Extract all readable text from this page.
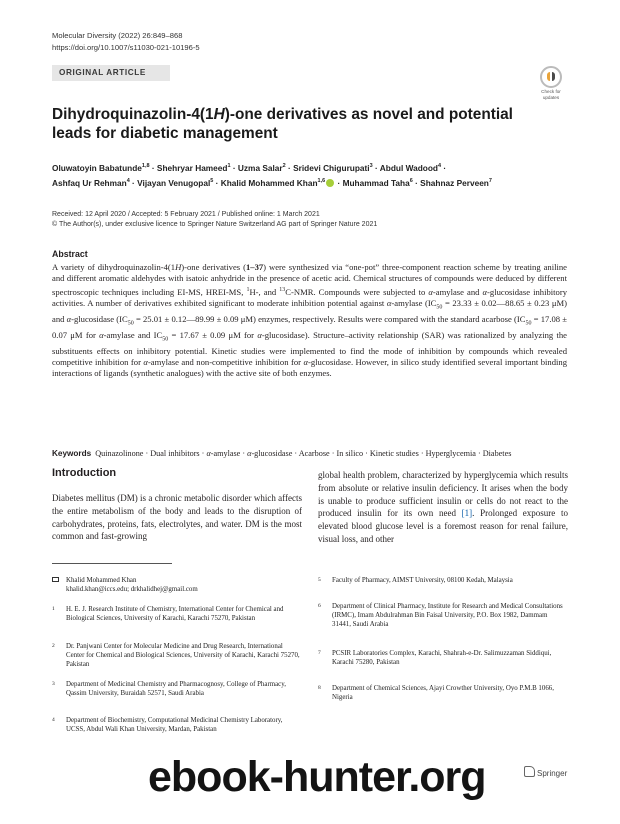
Molecular Diversity (2022) 26:849–868
https://doi.org/10.1007/s11030-021-10196-5
ORIGINAL ARTICLE
Check for
updates
Dihydroquinazolin-4(1H)-one derivatives as novel and potential leads for diabetic management
Oluwatoyin Babatunde$^{1,8}$ · Shehryar Hameed$^1$ · Uzma Salar$^2$ · Sridevi Chigurupati$^3$ · Abdul Wadood$^4$ ·
Ashfaq Ur Rehman$^4$ · Vijayan Venugopal$^5$ · Khalid Mohammed Khan$^{1,6}$ · Muhammad Taha$^6$ · Shahnaz Perveen$^7$
Received: 12 April 2020 / Accepted: 5 February 2021 / Published online: 1 March 2021
© The Author(s), under exclusive licence to Springer Nature Switzerland AG part of Springer Nature 2021
Abstract
A variety of dihydroquinazolin-4(1H)-one derivatives (1–37) were synthesized via “one-pot” three-component reaction scheme by treating aniline and different aromatic aldehydes with isatoic anhydride in the presence of acetic acid. Chemical structures of compounds were deduced by different spectroscopic techniques including EI-MS, HREI-MS, $^1$H-, and $^{13}$C-NMR. Compounds were subjected to α-amylase and α-glucosidase inhibitory activities. A number of derivatives exhibited significant to moderate inhibition potential against α-amylase ($IC_{50} = 23.33$ ± 0.02—88.65 ± 0.23 μM) and α-glucosidase ($IC_{50} = 25.01$ ± 0.12—89.99 ± 0.09 μM) enzymes, respectively. Results were compared with the standard acarbose ($IC_{50} = 17.08 \pm 0.07$ μM for α-amylase and $IC_{50} = 17.67 \pm 0.09$ μM for α-glucosidase). Structure–activity relationship (SAR) was rationalized by analyzing the substituents effects on inhibitory potential. Kinetic studies were implemented to find the mode of inhibition by compounds which revealed competitive inhibition for α-amylase and non-competitive inhibition for α-glucosidase. However, in silico study identified several important binding interactions of ligands (synthetic analogues) with the active site of both enzymes.
Keywords Quinazolinone · Dual inhibitors · α-amylase · α-glucosidase · Acarbose · In silico · Kinetic studies · Hyperglycemia · Diabetes
Introduction
Diabetes mellitus (DM) is a chronic metabolic disorder which affects the entire metabolism of the body and leads to the disruption of carbohydrates, proteins, fats, electrolytes, and water. DM is the most common and fast-growing
global health problem, characterized by hyperglycemia which results from absolute or relative insulin deficiency. It arises when the body is unable to produce sufficient insulin or cells do not react to the produced insulin for its own need [1]. Prolonged exposure to elevated blood glucose level is a foremost reason for renal failure, visual loss, and other
Khalid Mohammed Khan
khalid.khan@iccs.edu; drkhalidhej@gmail.com
1 H. E. J. Research Institute of Chemistry, International Center for Chemical and Biological Sciences, University of Karachi, Karachi 75270, Pakistan
2 Dr. Panjwani Center for Molecular Medicine and Drug Research, International Center for Chemical and Biological Sciences, University of Karachi, Karachi 75270, Pakistan
3 Department of Medicinal Chemistry and Pharmacognosy, College of Pharmacy, Qassim University, Buraidah 52571, Saudi Arabia
4 Department of Biochemistry, Computational Medicinal Chemistry Laboratory, UCSS, Abdul Wali Khan University, Mardan, Pakistan
5 Faculty of Pharmacy, AIMST University, 08100 Kedah, Malaysia
6 Department of Clinical Pharmacy, Institute for Research and Medical Consultations (IRMC), Imam Abdulrahman Bin Faisal University, P.O. Box 1982, Dammam 31441, Saudi Arabia
7 PCSIR Laboratories Complex, Karachi, Shahrah-e-Dr. Salimuzzaman Siddiqui, Karachi 75280, Pakistan
8 Department of Chemical Sciences, Ajayi Crowther University, Oyo P.M.B 1066, Nigeria
ebook-hunter.org	Springer
